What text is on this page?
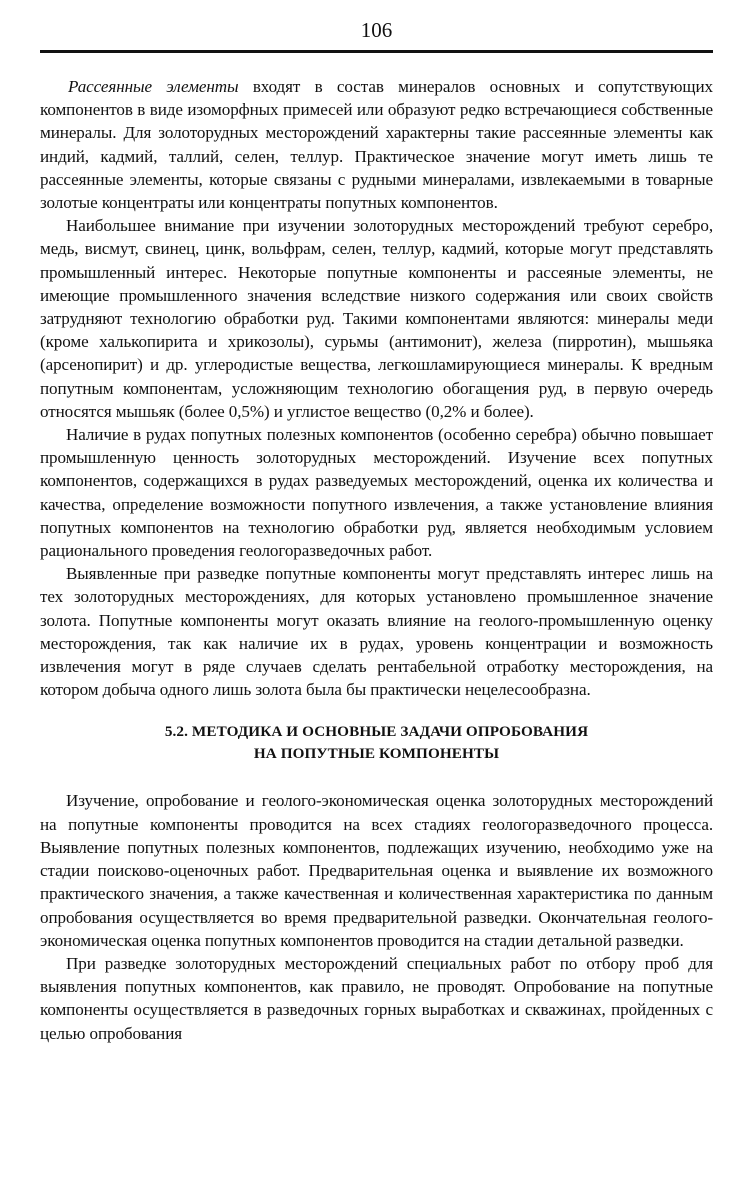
106

Рассеянные элементы входят в состав минералов основных и сопутствующих компонентов в виде изоморфных примесей или образуют редко встречающиеся собственные минералы. Для золоторудных месторождений характерны такие рассеянные элементы как индий, кадмий, таллий, селен, теллур. Практическое значение могут иметь лишь те рассеянные элементы, которые связаны с рудными минералами, извлекаемыми в товарные золотые концентраты или концентраты попутных компонентов.

Наибольшее внимание при изучении золоторудных месторождений требуют серебро, медь, висмут, свинец, цинк, вольфрам, селен, теллур, кадмий, которые могут представлять промышленный интерес. Некоторые попутные компоненты и рассеяные элементы, не имеющие промышленного значения вследствие низкого содержания или своих свойств затрудняют технологию обработки руд. Такими компонентами являются: минералы меди (кроме халькопирита и хрикозолы), сурьмы (антимонит), железа (пирротин), мышьяка (арсенопирит) и др. углеродистые вещества, легкошламирующиеся минералы. К вредным попутным компонентам, усложняющим технологию обогащения руд, в первую очередь относятся мышьяк (более 0,5%) и углистое вещество (0,2% и более).

Наличие в рудах попутных полезных компонентов (особенно серебра) обычно повышает промышленную ценность золоторудных месторождений. Изучение всех попутных компонентов, содержащихся в рудах разведуемых месторождений, оценка их количества и качества, определение возможности попутного извлечения, а также установление влияния попутных компонентов на технологию обработки руд, является необходимым условием рационального проведения геологоразведочных работ.

Выявленные при разведке попутные компоненты могут представлять интерес лишь на тех золоторудных месторождениях, для которых установлено промышленное значение золота. Попутные компоненты могут оказать влияние на геолого-промышленную оценку месторождения, так как наличие их в рудах, уровень концентрации и возможность извлечения могут в ряде случаев сделать рентабельной отработку месторождения, на котором добыча одного лишь золота была бы практически нецелесообразна.

5.2. МЕТОДИКА И ОСНОВНЫЕ ЗАДАЧИ ОПРОБОВАНИЯ
НА ПОПУТНЫЕ КОМПОНЕНТЫ

Изучение, опробование и геолого-экономическая оценка золоторудных месторождений на попутные компоненты проводится на всех стадиях геологоразведочного процесса. Выявление попутных полезных компонентов, подлежащих изучению, необходимо уже на стадии поисково-оценочных работ. Предварительная оценка и выявление их возможного практического значения, а также качественная и количественная характеристика по данным опробования осуществляется во время предварительной разведки. Окончательная геолого-экономическая оценка попутных компонентов проводится на стадии детальной разведки.

При разведке золоторудных месторождений специальных работ по отбору проб для выявления попутных компонентов, как правило, не проводят. Опробование на попутные компоненты осуществляется в разведочных горных выработках и скважинах, пройденных с целью опробования
